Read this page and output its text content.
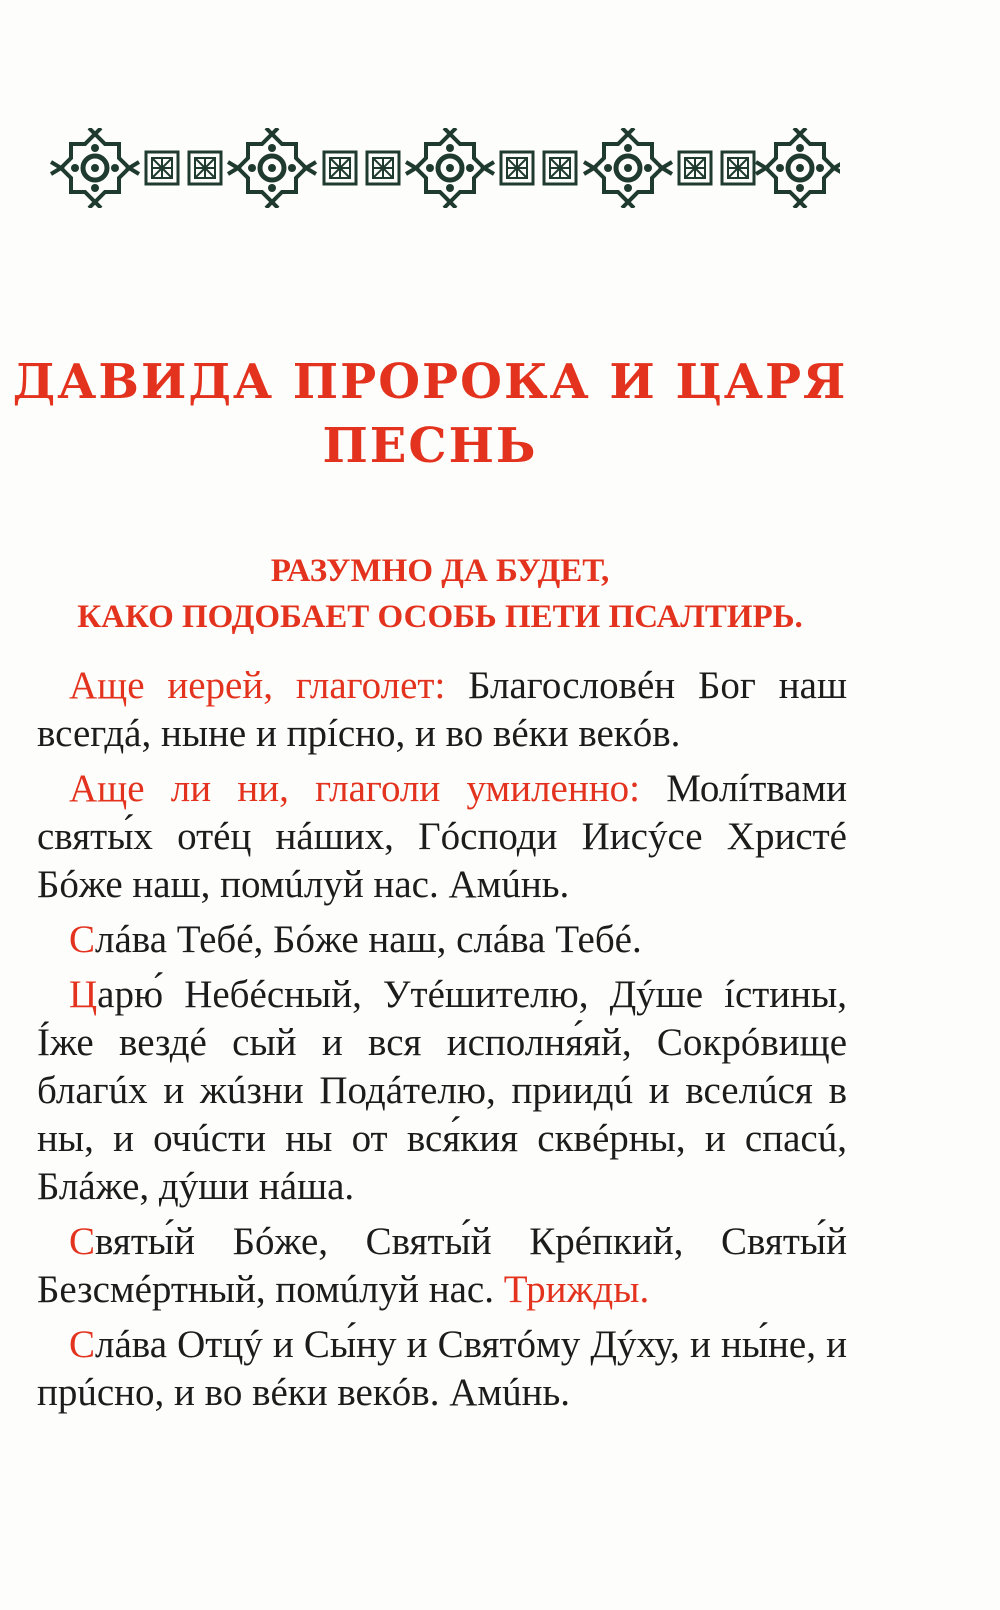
ДАВИДА ПРОРОКА И ЦАРЯ
ПЕСНЬ
РАЗУМНО ДА БУДЕТ,
КАКО ПОДОБАЕТ ОСОБЬ ПЕТИ ПСАЛТИРЬ.

Аще иерей, глаголет: Благословéн Бог наш всегдá, нынe и прíсно, и во вéки векóв.

Аще ли ни, глаголи умиленно: Молíтвами святы́х отéц нáших, Гóсподи Иисýсе Христé Бóже наш, помúлуй нас. Амúнь.

Слáва Тебé, Бóже наш, слáва Тебé.

Царю́ Небéсный, Утéшителю, Дýше íстины, Íже вездé сый и вся исполня́яй, Сокрóвище благúх и жúзни Подáтелю, приидú и вселúся в ны, и очúсти ны от вся́кия сквéрны, и спасú, Блáже, дýши нáша.

Святы́й Бóже, Святы́й Крéпкий, Святы́й Безсмéртный, помúлуй нас. Трижды.

Слáва Отцý и Сы́ну и Святóму Дýху, и ны́не, и прúсно, и во вéки векóв. Амúнь.
